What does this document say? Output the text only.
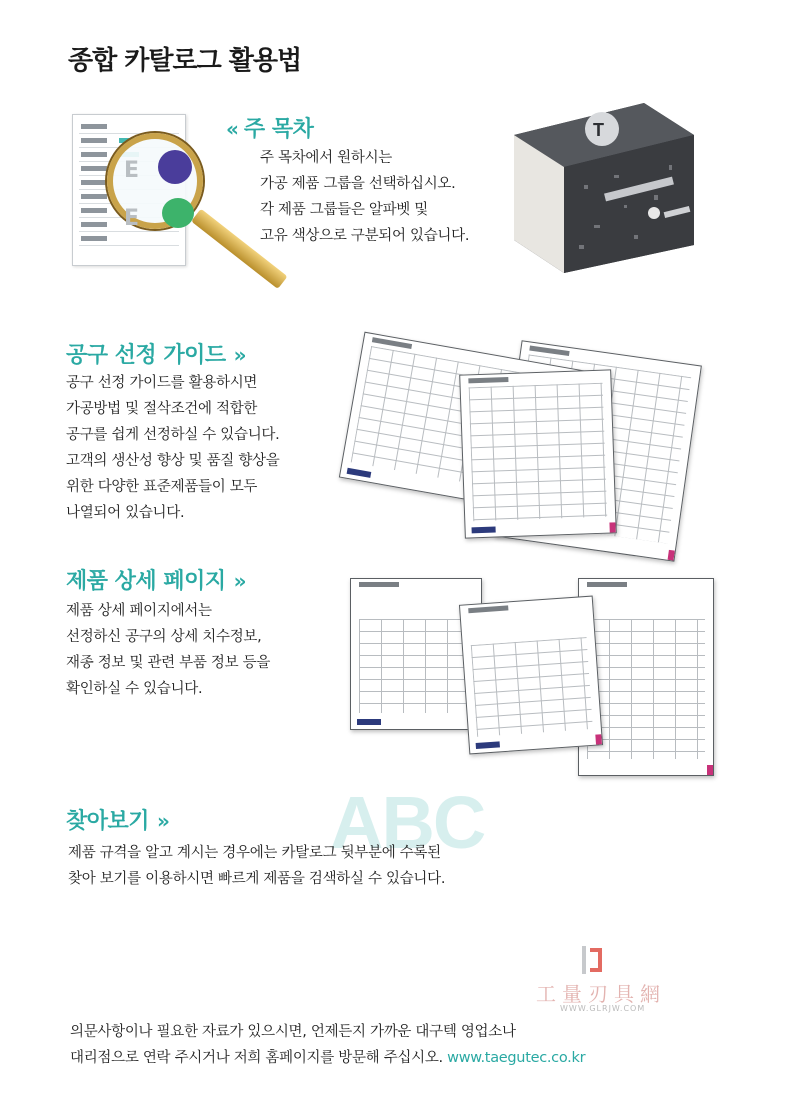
종합 카탈로그 활용법
E
E
« 주 목차
주 목차에서 원하시는
가공 제품 그룹을 선택하십시오.
각 제품 그룹들은 알파벳 및
고유 색상으로 구분되어 있습니다.
T
공구 선정 가이드 »
공구 선정 가이드를 활용하시면
가공방법 및 절삭조건에 적합한
공구를 쉽게 선정하실 수 있습니다.
고객의 생산성 향상 및 품질 향상을
위한 다양한 표준제품들이 모두
나열되어 있습니다.
제품 상세 페이지 »
제품 상세 페이지에서는
선정하신 공구의 상세 치수정보,
재종 정보 및 관련 부품 정보 등을
확인하실 수 있습니다.
ABC
찾아보기 »
제품 규격을 알고 계시는 경우에는 카탈로그 뒷부분에 수록된
찾아 보기를 이용하시면 빠르게 제품을 검색하실 수 있습니다.
工量刃具網
WWW.GLRJW.COM
의문사항이나 필요한 자료가 있으시면, 언제든지 가까운 대구텍 영업소나
대리점으로 연락 주시거나 저희 홈페이지를 방문해 주십시오. www.taegutec.co.kr
